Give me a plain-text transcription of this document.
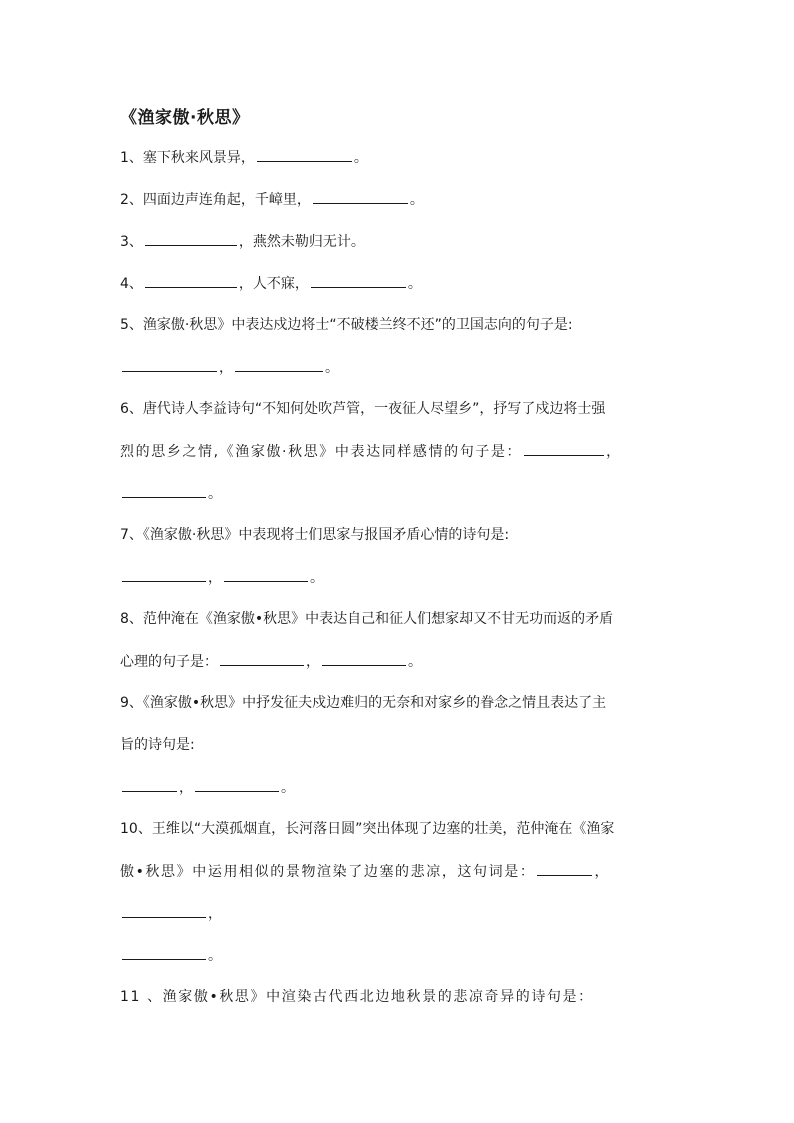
《渔家傲·秋思》
1、塞下秋来风景异，	。
2、四面边声连角起，千嶂里，	。
3、	，燕然未勒归无计。
4、	，人不寐，	。
5、渔家傲·秋思》中表达戍边将士“不破楼兰终不还”的卫国志向的句子是:
，	。
6、唐代诗人李益诗句“不知何处吹芦管，一夜征人尽望乡”，抒写了戍边将士强
烈的思乡之情,《渔家傲·秋思》中表达同样感情的句子是：	，
。
7、《渔家傲·秋思》中表现将士们思家与报国矛盾心情的诗句是:
，	。
8、范仲淹在《渔家傲•秋思》中表达自己和征人们想家却又不甘无功而返的矛盾
心理的句子是：	，	。
9、《渔家傲•秋思》中抒发征夫戍边难归的无奈和对家乡的眷念之情且表达了主
旨的诗句是:
，	。
10、王维以“大漠孤烟直，长河落日圆”突出体现了边塞的壮美，范仲淹在《渔家
傲•秋思》中运用相似的景物渲染了边塞的悲凉，这句词是：	，
，
。
11 、渔家傲•秋思》中渲染古代西北边地秋景的悲凉奇异的诗句是：
